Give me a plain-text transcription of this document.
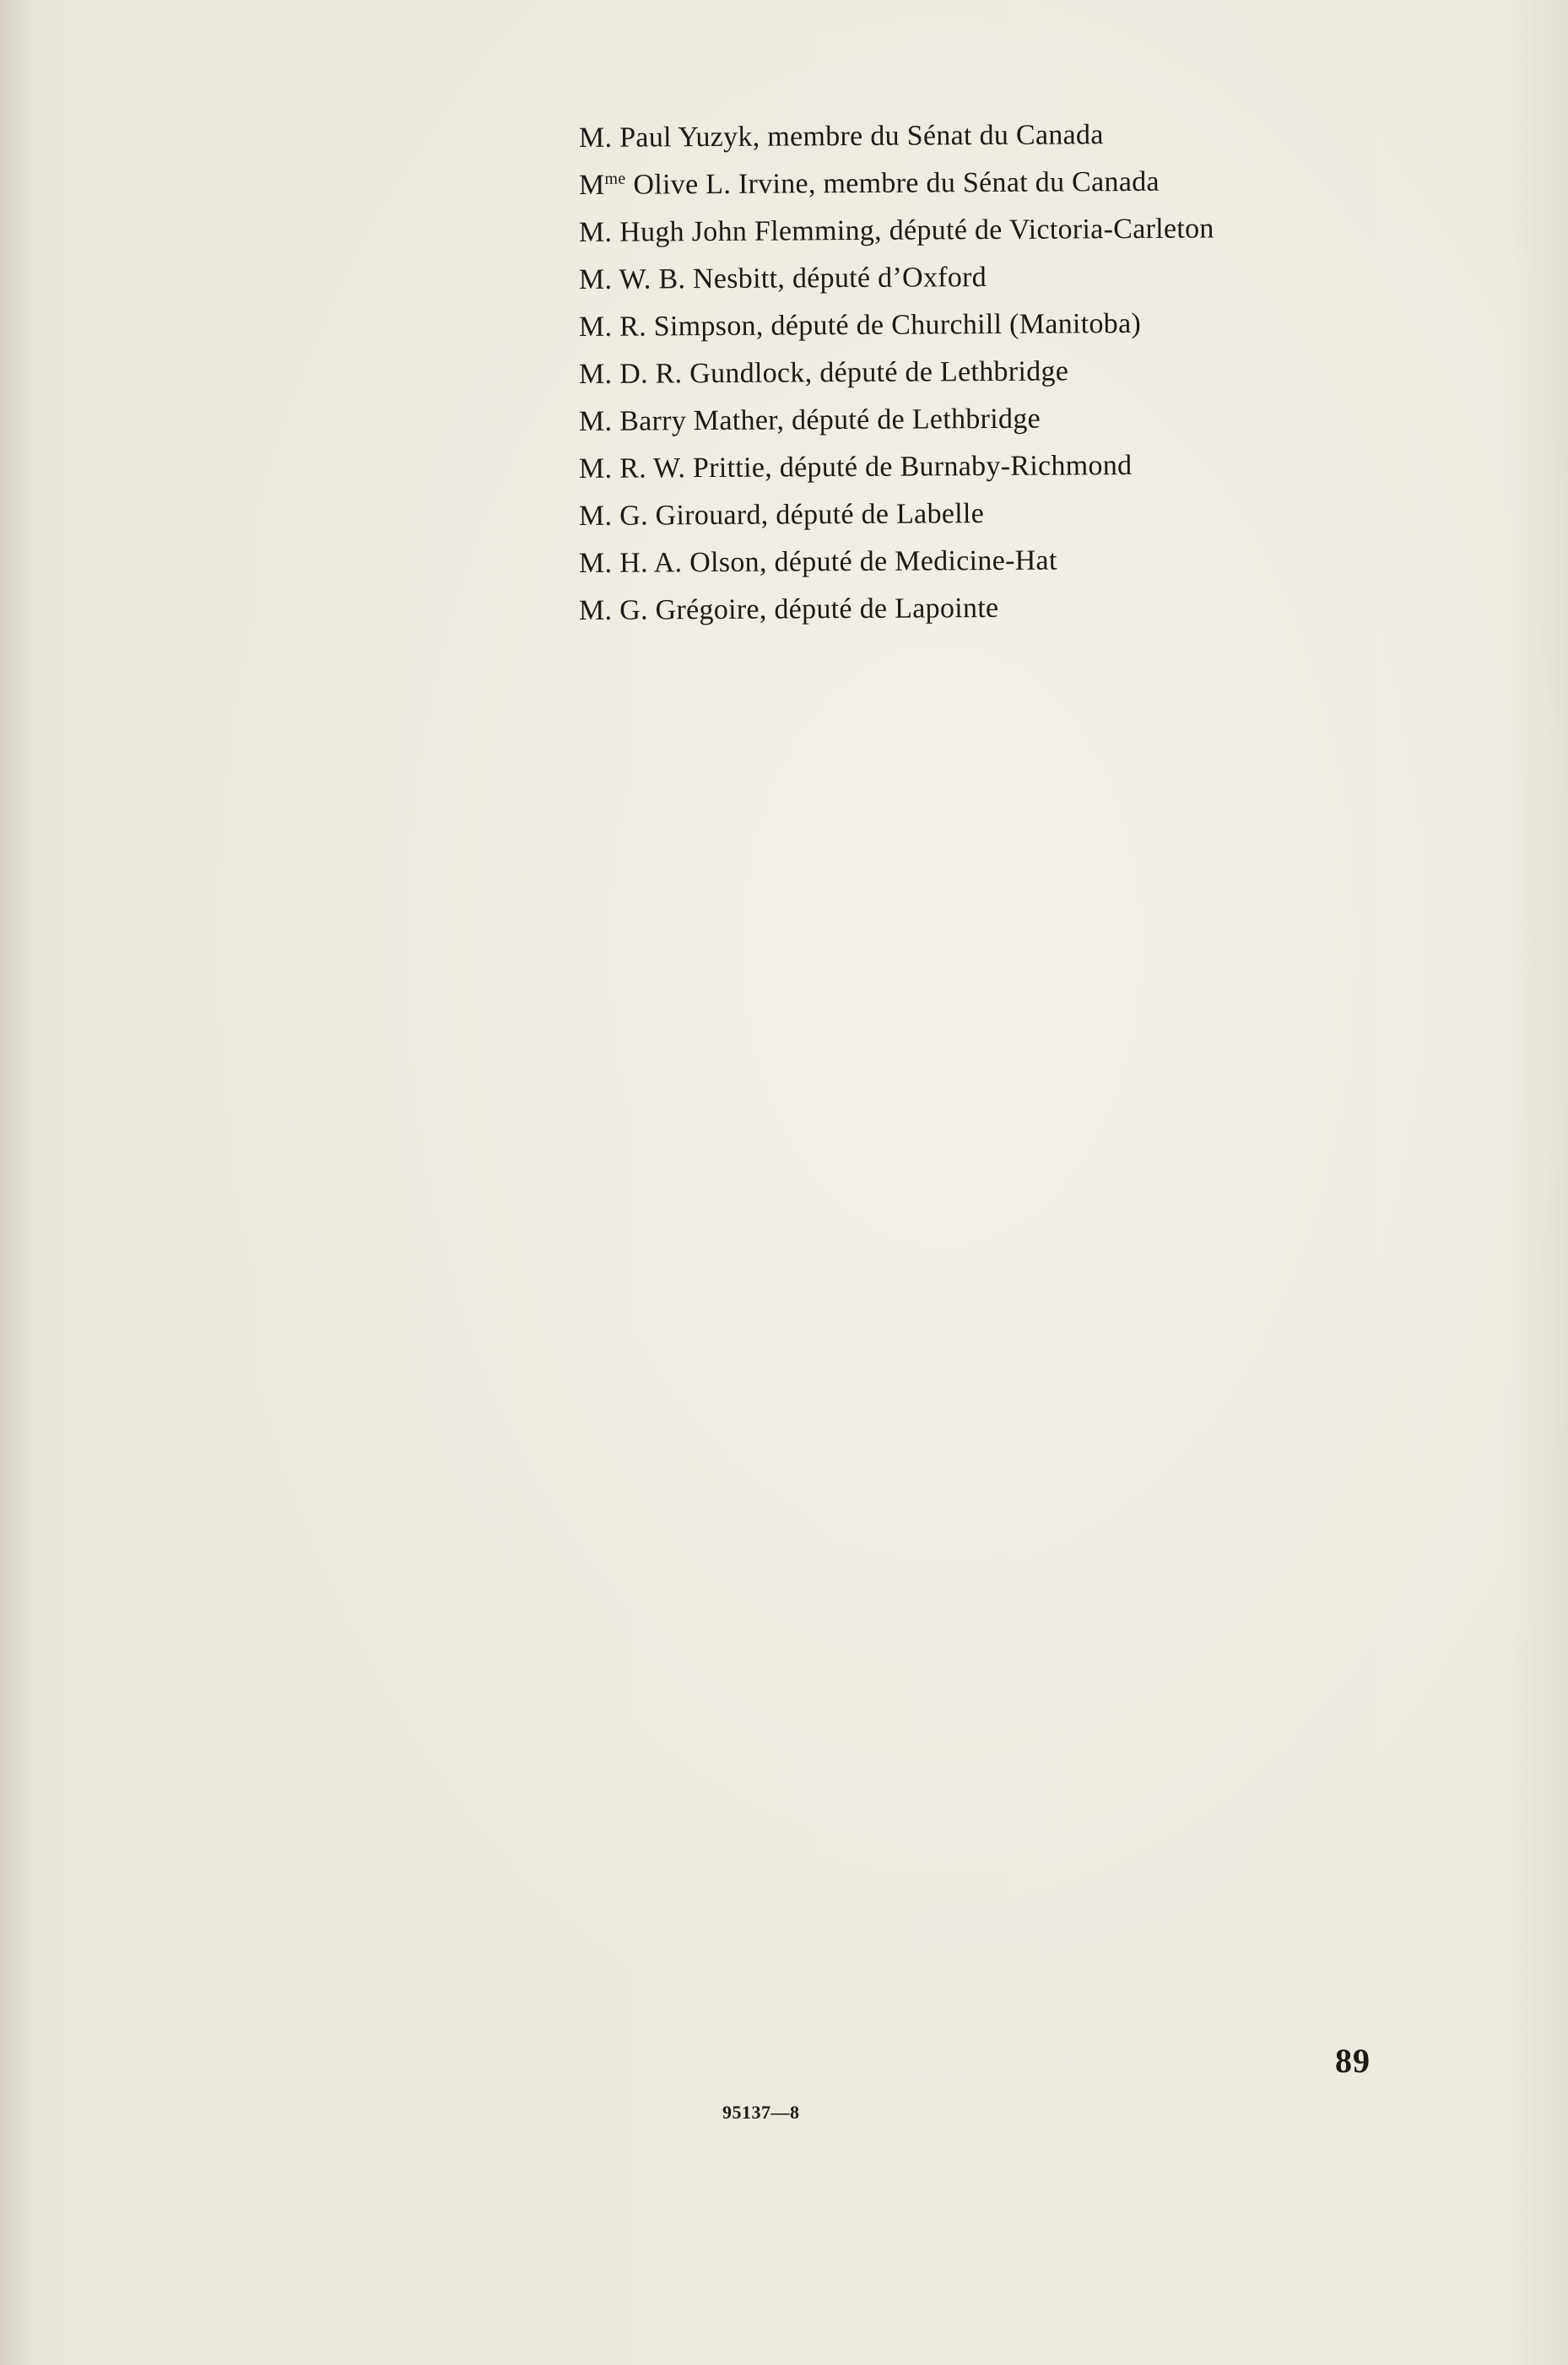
M. Paul Yuzyk, membre du Sénat du Canada
$M^{me}$ Olive L. Irvine, membre du Sénat du Canada
M. Hugh John Flemming, député de Victoria-Carleton
M. W. B. Nesbitt, député d’Oxford
M. R. Simpson, député de Churchill (Manitoba)
M. D. R. Gundlock, député de Lethbridge
M. Barry Mather, député de Lethbridge
M. R. W. Prittie, député de Burnaby-Richmond
M. G. Girouard, député de Labelle
M. H. A. Olson, député de Medicine-Hat
M. G. Grégoire, député de Lapointe
89
95137—8
